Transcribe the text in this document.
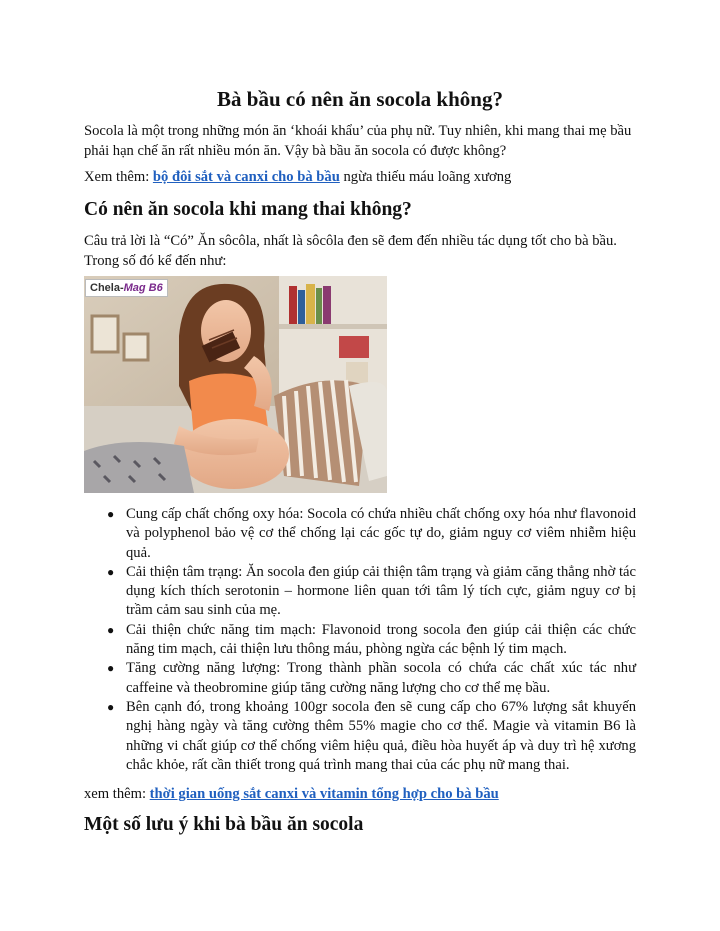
Bà bầu có nên ăn socola không?

Socola là một trong những món ăn ‘khoái khẩu’ của phụ nữ. Tuy nhiên, khi mang thai mẹ bầu phải hạn chế ăn rất nhiều món ăn. Vậy bà bầu ăn socola có được không?

Xem thêm: bộ đôi sắt và canxi cho bà bầu ngừa thiếu máu loãng xương

Có nên ăn socola khi mang thai không?

Câu trả lời là “Có” Ăn sôcôla, nhất là sôcôla đen sẽ đem đến nhiều tác dụng tốt cho bà bầu. Trong số đó kể đến như:

Chela-Mag B6
● Cung cấp chất chống oxy hóa: Socola có chứa nhiều chất chống oxy hóa như flavonoid và polyphenol bảo vệ cơ thể chống lại các gốc tự do, giảm nguy cơ viêm nhiễm hiệu quả.
● Cải thiện tâm trạng: Ăn socola đen giúp cải thiện tâm trạng và giảm căng thẳng nhờ tác dụng kích thích serotonin – hormone liên quan tới tâm lý tích cực, giảm nguy cơ bị trầm cảm sau sinh của mẹ.
● Cải thiện chức năng tim mạch: Flavonoid trong socola đen giúp cải thiện các chức năng tim mạch, cải thiện lưu thông máu, phòng ngừa các bệnh lý tim mạch.
● Tăng cường năng lượng: Trong thành phần socola có chứa các chất xúc tác như caffeine và theobromine giúp tăng cường năng lượng cho cơ thể mẹ bầu.
● Bên cạnh đó, trong khoảng 100gr socola đen sẽ cung cấp cho 67% lượng sắt khuyến nghị hàng ngày và tăng cường thêm 55% magie cho cơ thể. Magie và vitamin B6 là những vi chất giúp cơ thể chống viêm hiệu quả, điều hòa huyết áp và duy trì hệ xương chắc khỏe, rất cần thiết trong quá trình mang thai của các phụ nữ mang thai.

xem thêm: thời gian uống sắt canxi và vitamin tổng hợp cho bà bầu

Một số lưu ý khi bà bầu ăn socola
